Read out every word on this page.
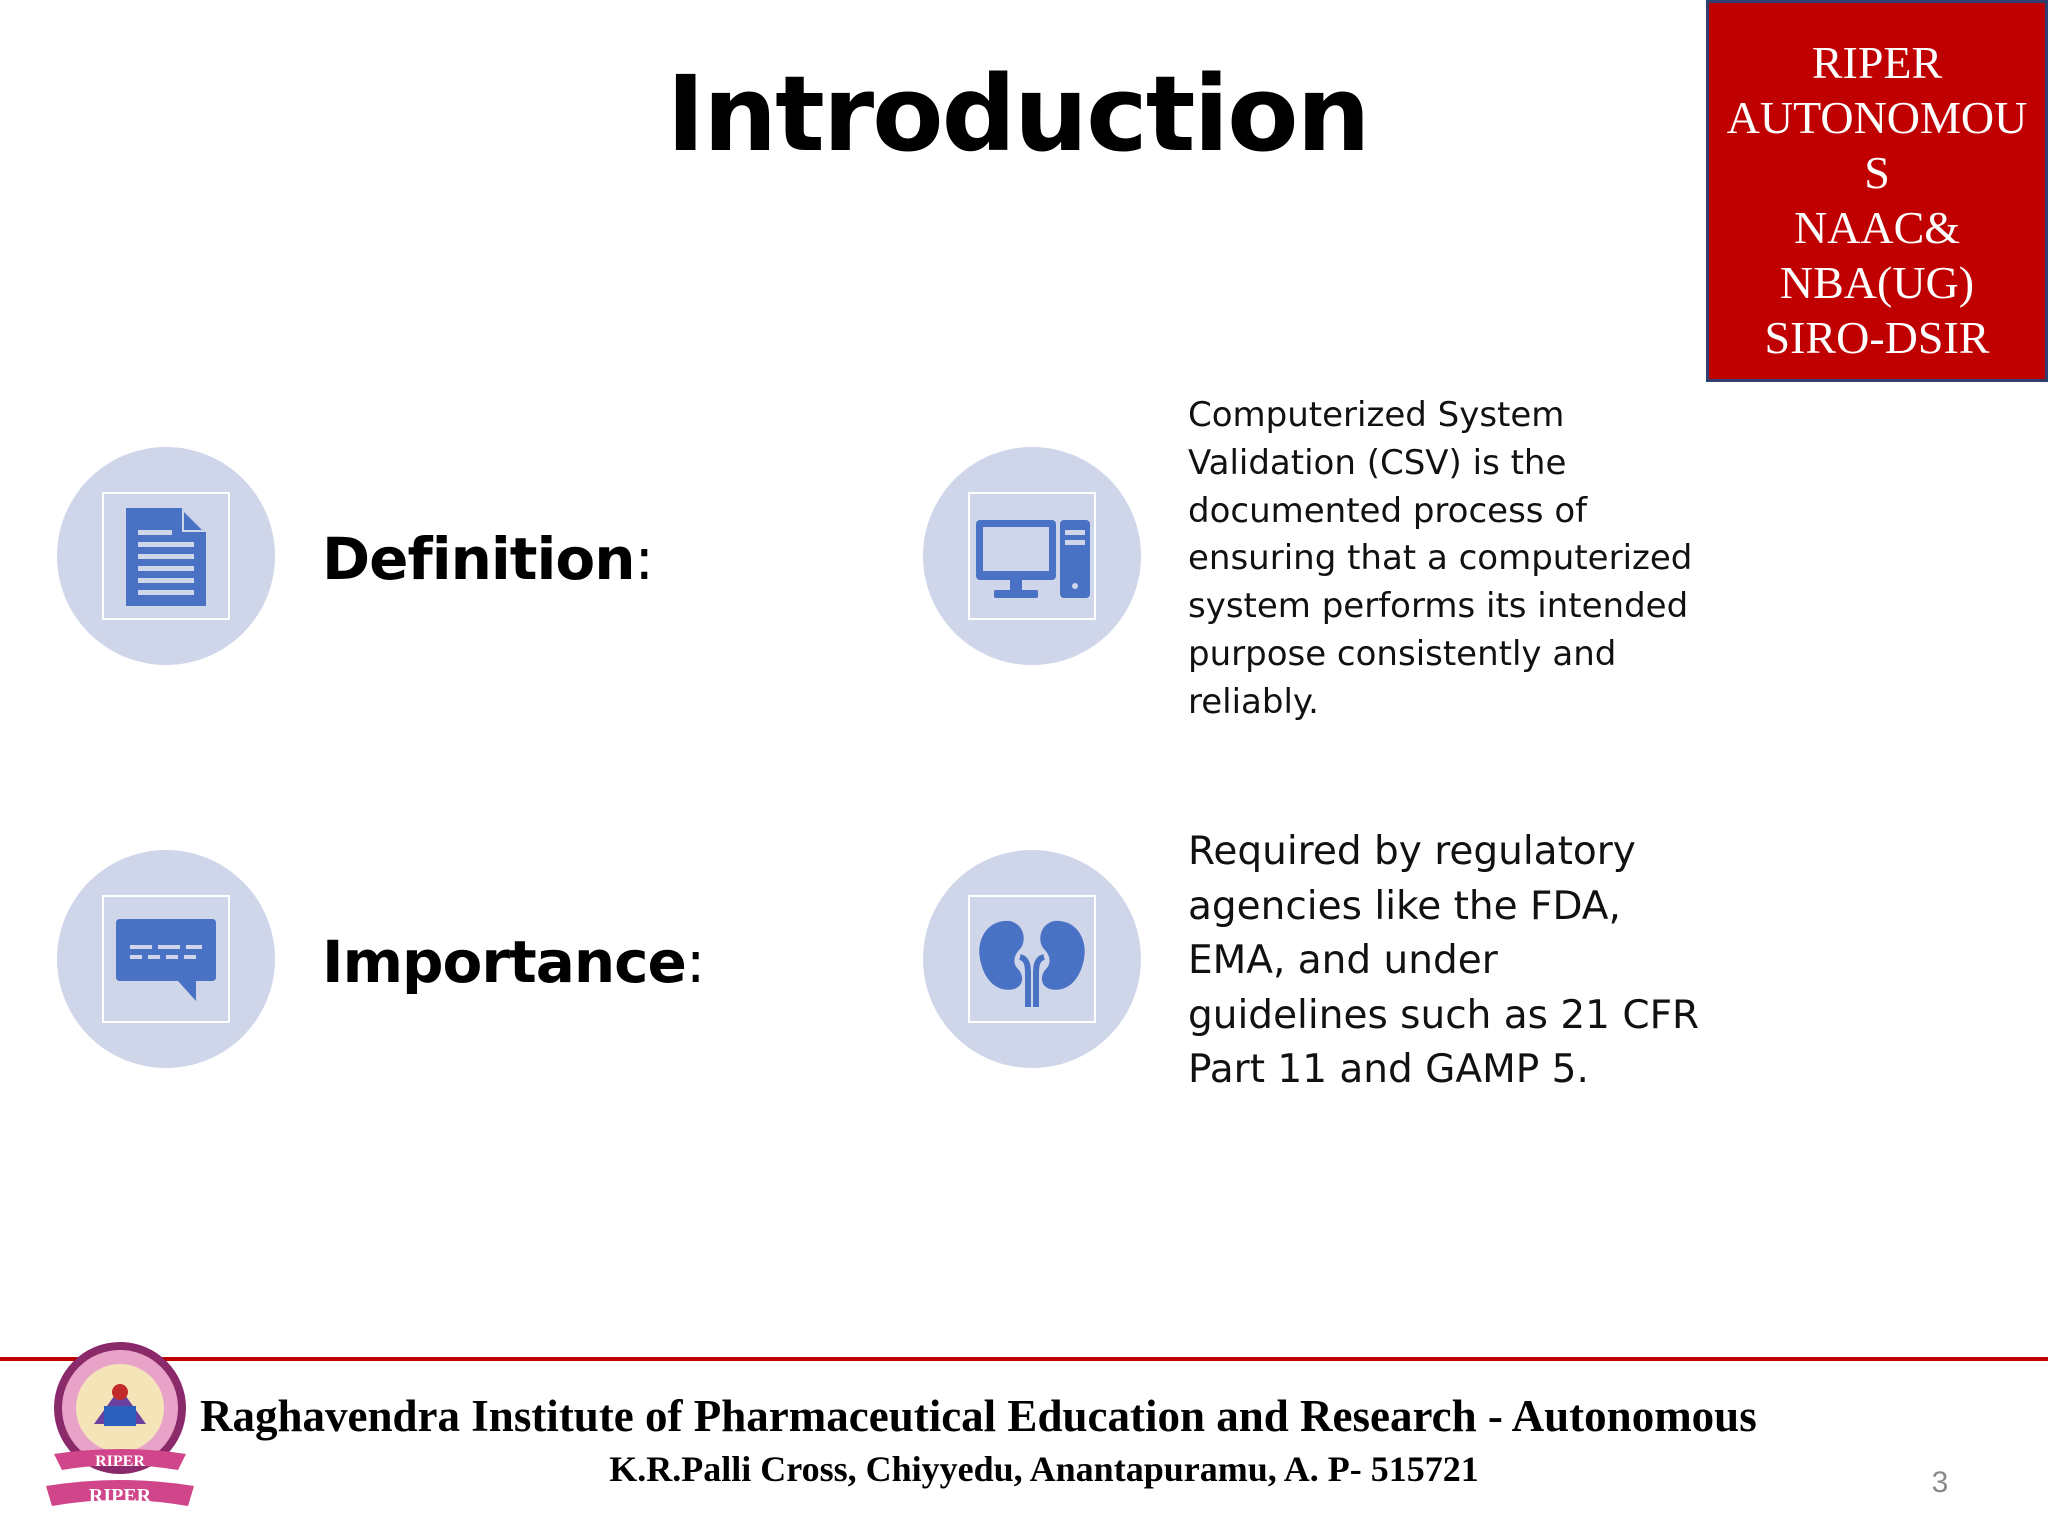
Introduction	RIPER
AUTONOMOU
S
NAAC&
NBA(UG)
SIRO-DSIR
Definition:
Computerized System Validation (CSV) is the documented process of ensuring that a computerized system performs its intended purpose consistently and reliably.
Importance:
Required by regulatory agencies like the FDA, EMA, and under guidelines such as 21 CFR Part 11 and GAMP 5.
RIPER
RIPER
Raghavendra Institute of Pharmaceutical Education and Research - Autonomous
K.R.Palli Cross, Chiyyedu, Anantapuramu, A. P- 515721	3
